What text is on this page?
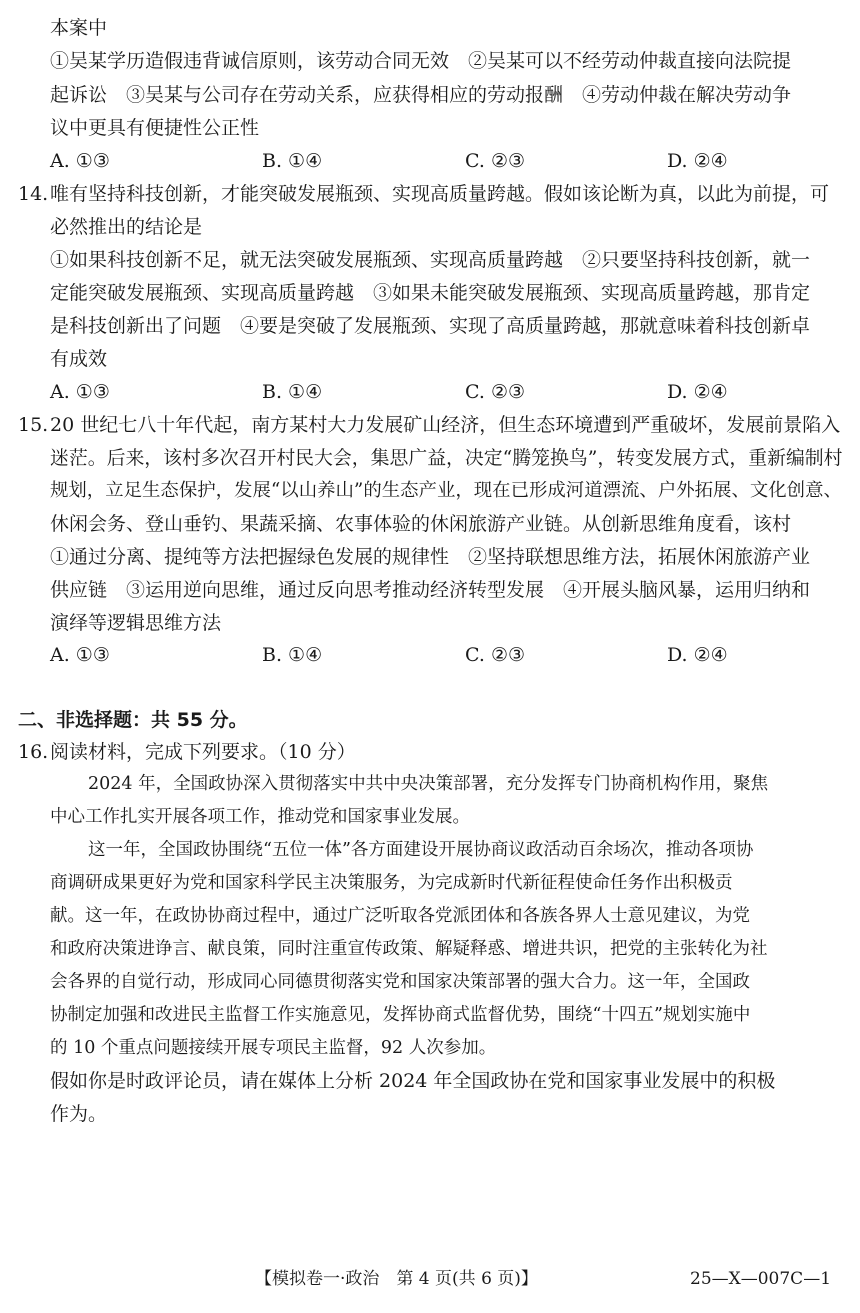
本案中
①吴某学历造假违背诚信原则，该劳动合同无效　②吴某可以不经劳动仲裁直接向法院提
起诉讼　③吴某与公司存在劳动关系，应获得相应的劳动报酬　④劳动仲裁在解决劳动争
议中更具有便捷性公正性
A. ①③	B. ①④	C. ②③	D. ②④
14. 唯有坚持科技创新，才能突破发展瓶颈、实现高质量跨越。假如该论断为真，以此为前提，可
必然推出的结论是
①如果科技创新不足，就无法突破发展瓶颈、实现高质量跨越　②只要坚持科技创新，就一
定能突破发展瓶颈、实现高质量跨越　③如果未能突破发展瓶颈、实现高质量跨越，那肯定
是科技创新出了问题　④要是突破了发展瓶颈、实现了高质量跨越，那就意味着科技创新卓
有成效
A. ①③	B. ①④	C. ②③	D. ②④
15. 20 世纪七八十年代起，南方某村大力发展矿山经济，但生态环境遭到严重破坏，发展前景陷入
迷茫。后来，该村多次召开村民大会，集思广益，决定“腾笼换鸟”，转变发展方式，重新编制村
规划，立足生态保护，发展“以山养山”的生态产业，现在已形成河道漂流、户外拓展、文化创意、
休闲会务、登山垂钓、果蔬采摘、农事体验的休闲旅游产业链。从创新思维角度看，该村
①通过分离、提纯等方法把握绿色发展的规律性　②坚持联想思维方法，拓展休闲旅游产业
供应链　③运用逆向思维，通过反向思考推动经济转型发展　④开展头脑风暴，运用归纳和
演绎等逻辑思维方法
A. ①③	B. ①④	C. ②③	D. ②④
二、非选择题：共 55 分。
16. 阅读材料，完成下列要求。（10 分）
2024 年，全国政协深入贯彻落实中共中央决策部署，充分发挥专门协商机构作用，聚焦
中心工作扎实开展各项工作，推动党和国家事业发展。
这一年，全国政协围绕“五位一体”各方面建设开展协商议政活动百余场次，推动各项协
商调研成果更好为党和国家科学民主决策服务，为完成新时代新征程使命任务作出积极贡
献。这一年，在政协协商过程中，通过广泛听取各党派团体和各族各界人士意见建议，为党
和政府决策进诤言、献良策，同时注重宣传政策、解疑释惑、增进共识，把党的主张转化为社
会各界的自觉行动，形成同心同德贯彻落实党和国家决策部署的强大合力。这一年，全国政
协制定加强和改进民主监督工作实施意见，发挥协商式监督优势，围绕“十四五”规划实施中
的 10 个重点问题接续开展专项民主监督，92 人次参加。
假如你是时政评论员，请在媒体上分析 2024 年全国政协在党和国家事业发展中的积极
作为。
【模拟卷一·政治　第 4 页(共 6 页)】	25—X—007C—1
